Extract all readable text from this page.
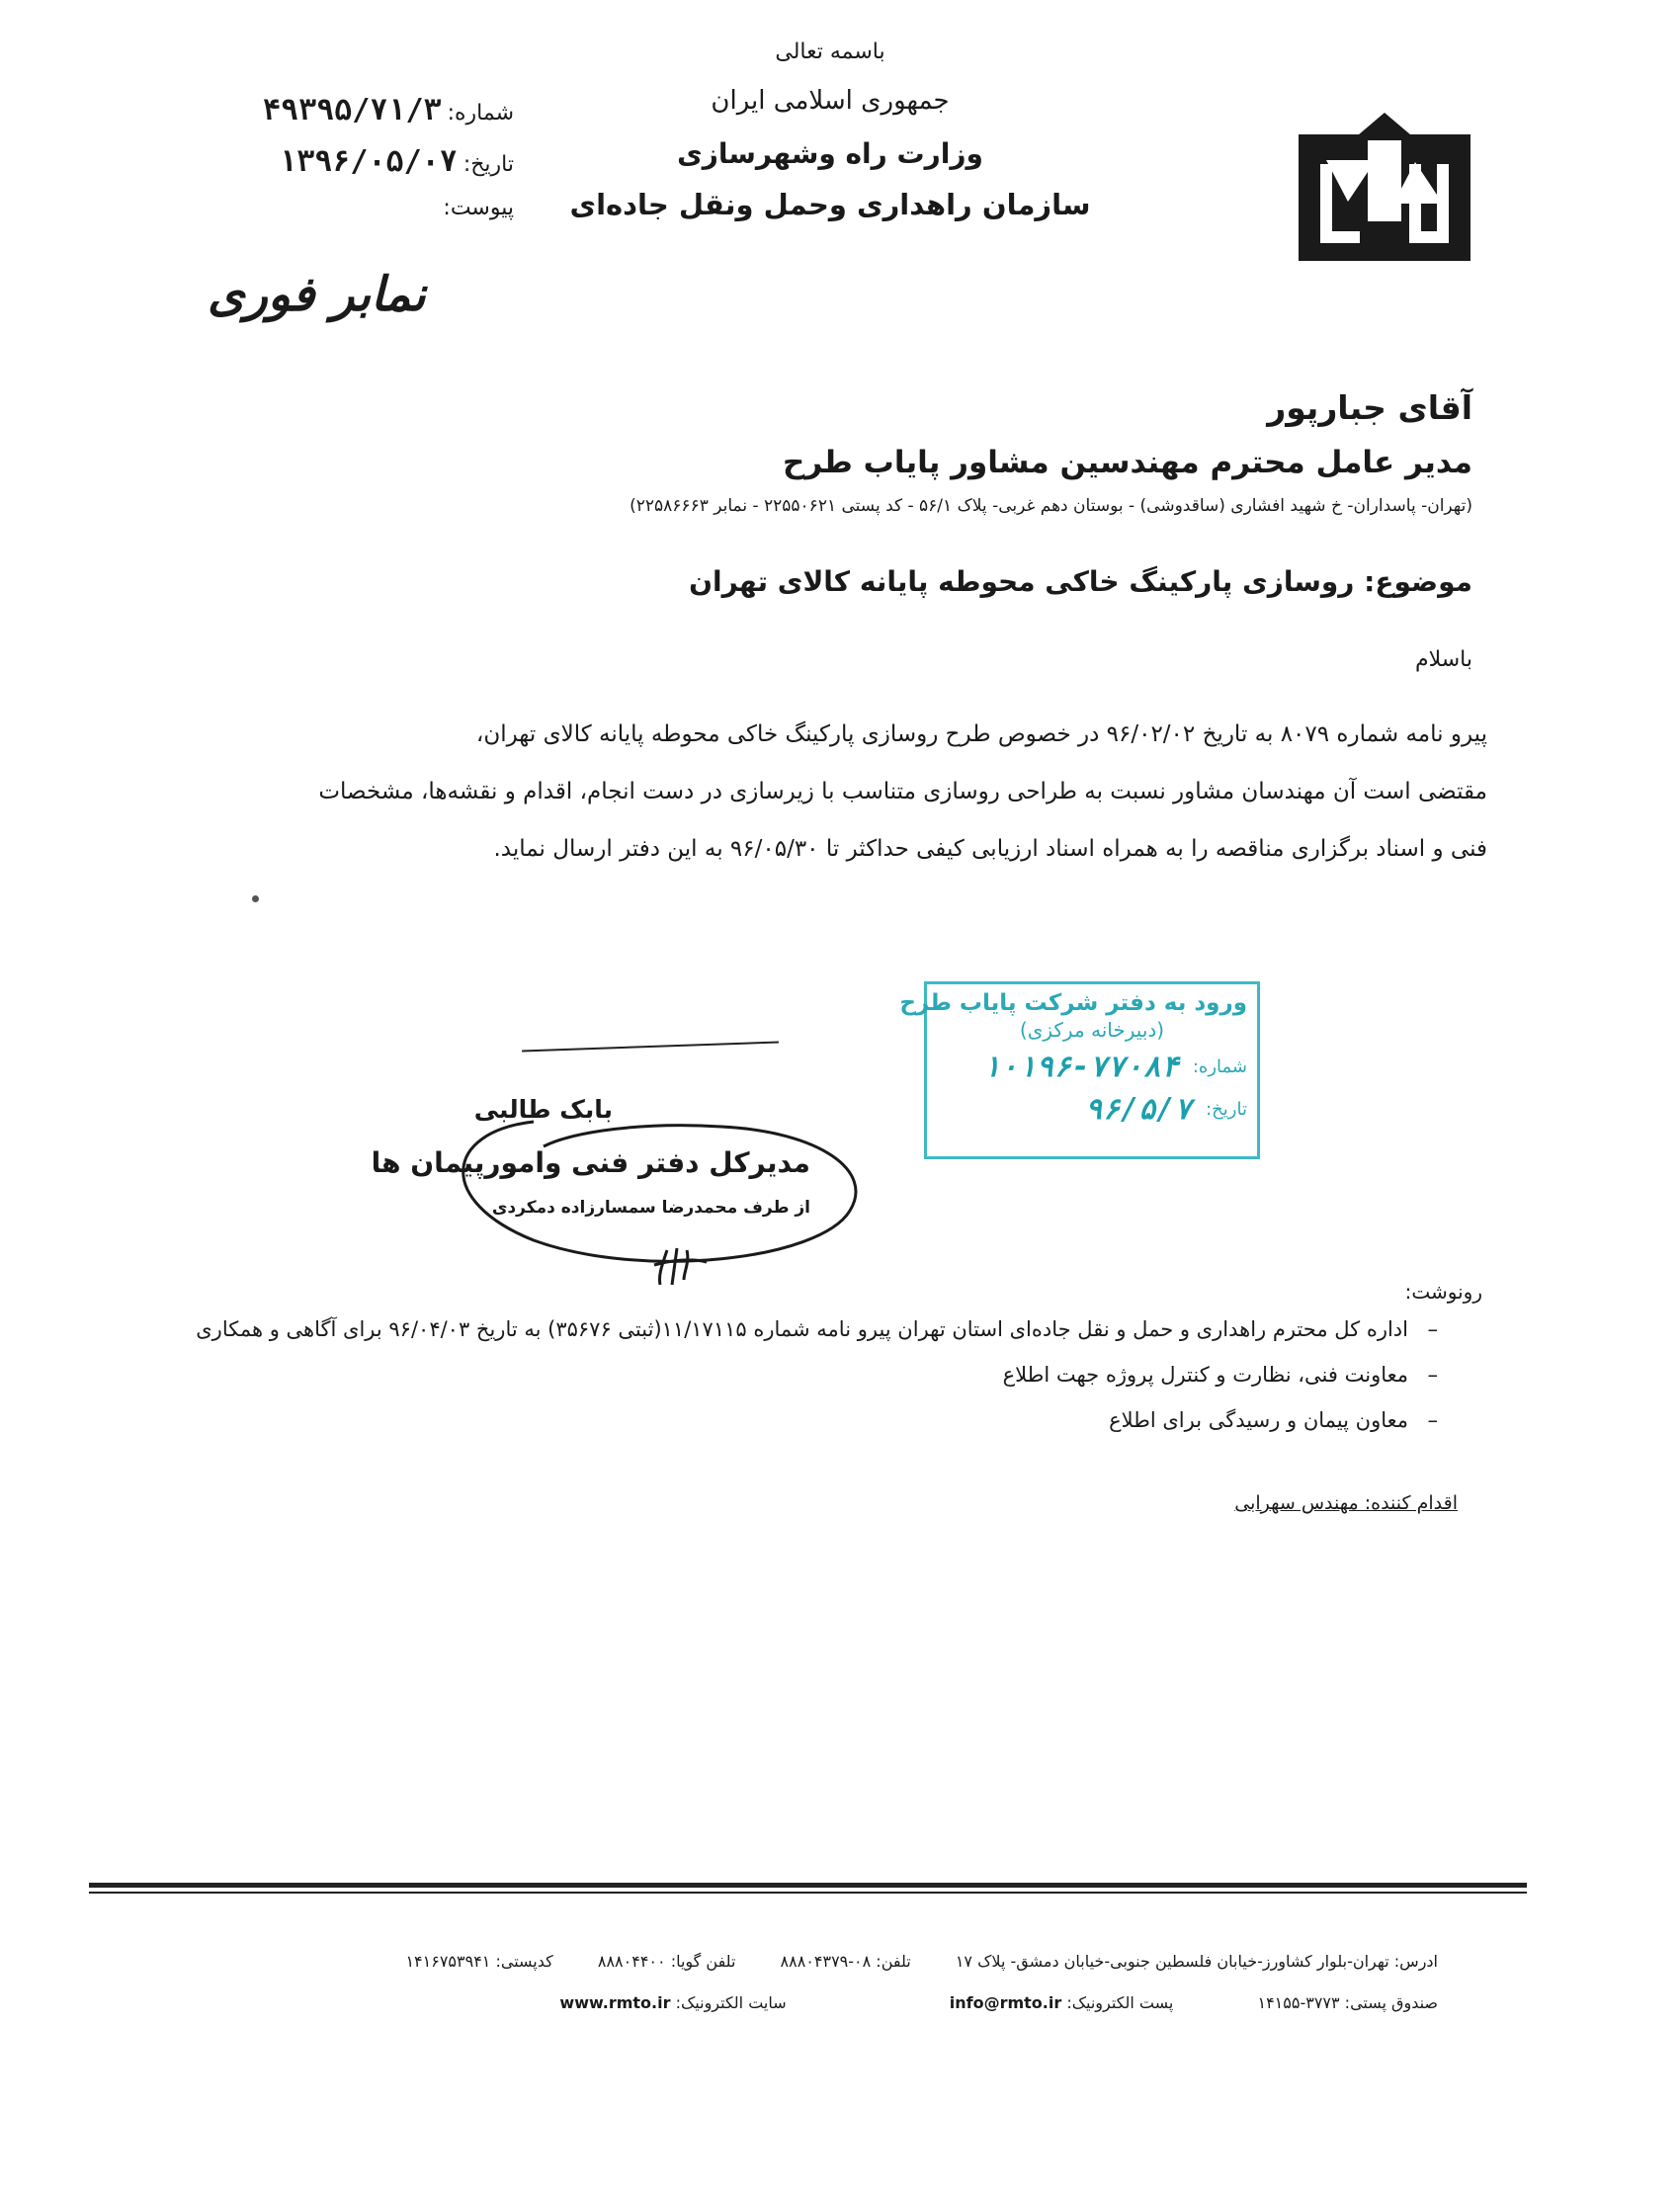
باسمه تعالی
جمهوری اسلامی ایران
وزارت راه وشهرسازی
سازمان راهداری وحمل ونقل جاده‌ای
شماره:
۴۹۳۹۵/۷۱/۳
تاریخ:
۱۳۹۶/۰۵/۰۷
پیوست:
نمابر فوری
آقای جبارپور
مدیر عامل محترم مهندسین مشاور پایاب طرح
(تهران- پاسداران- خ شهید افشاری (ساقدوشی) - بوستان دهم غربی- پلاک ۵۶/۱ - کد پستی ۲۲۵۵۰۶۲۱ - نمابر ۲۲۵۸۶۶۶۳)
موضوع: روسازی پارکینگ خاکی محوطه پایانه کالای تهران
باسلام

پیرو نامه شماره ۸۰۷۹ به تاریخ ۹۶/۰۲/۰۲ در خصوص طرح روسازی پارکینگ خاکی محوطه پایانه کالای تهران،

مقتضی است آن مهندسان مشاور نسبت به طراحی روسازی متناسب با زیرسازی در دست انجام، اقدام و نقشه‌ها، مشخصات

فنی و اسناد برگزاری مناقصه را به همراه اسناد ارزیابی کیفی حداکثر تا ۹۶/۰۵/۳۰ به این دفتر ارسال نماید.

ورود به دفتر شرکت پایاب طرح
(دبیرخانه مرکزی)
شماره:
۱۰۱۹۶-۷۷۰۸۴
تاریخ:
۹۶/۵/۷
بابک طالبی
مدیرکل دفتر فنی وامورپیمان ها
از طرف محمدرضا سمسارزاده دمکردی
رونوشت:
– اداره کل محترم راهداری و حمل و نقل جاده‌ای استان تهران پیرو نامه شماره ۱۱/۱۷۱۱۵(ثبتی ۳۵۶۷۶) به تاریخ ۹۶/۰۴/۰۳ برای آگاهی و همکاری
– معاونت فنی، نظارت و کنترل پروژه جهت اطلاع
– معاون پیمان و رسیدگی برای اطلاع
اقدام کننده: مهندس سهرابی
ادرس: تهران-بلوار کشاورز-خیابان فلسطین جنوبی-خیابان دمشق- پلاک ۱۷ تلفن: ۰۸-۸۸۸۰۴۳۷۹ تلفن گویا: ۸۸۸۰۴۴۰۰ کدپستی: ۱۴۱۶۷۵۳۹۴۱
صندوق پستی: ۳۷۷۳-۱۴۱۵۵ پست الکترونیک: info@rmto.ir سایت الکترونیک: www.rmto.ir
